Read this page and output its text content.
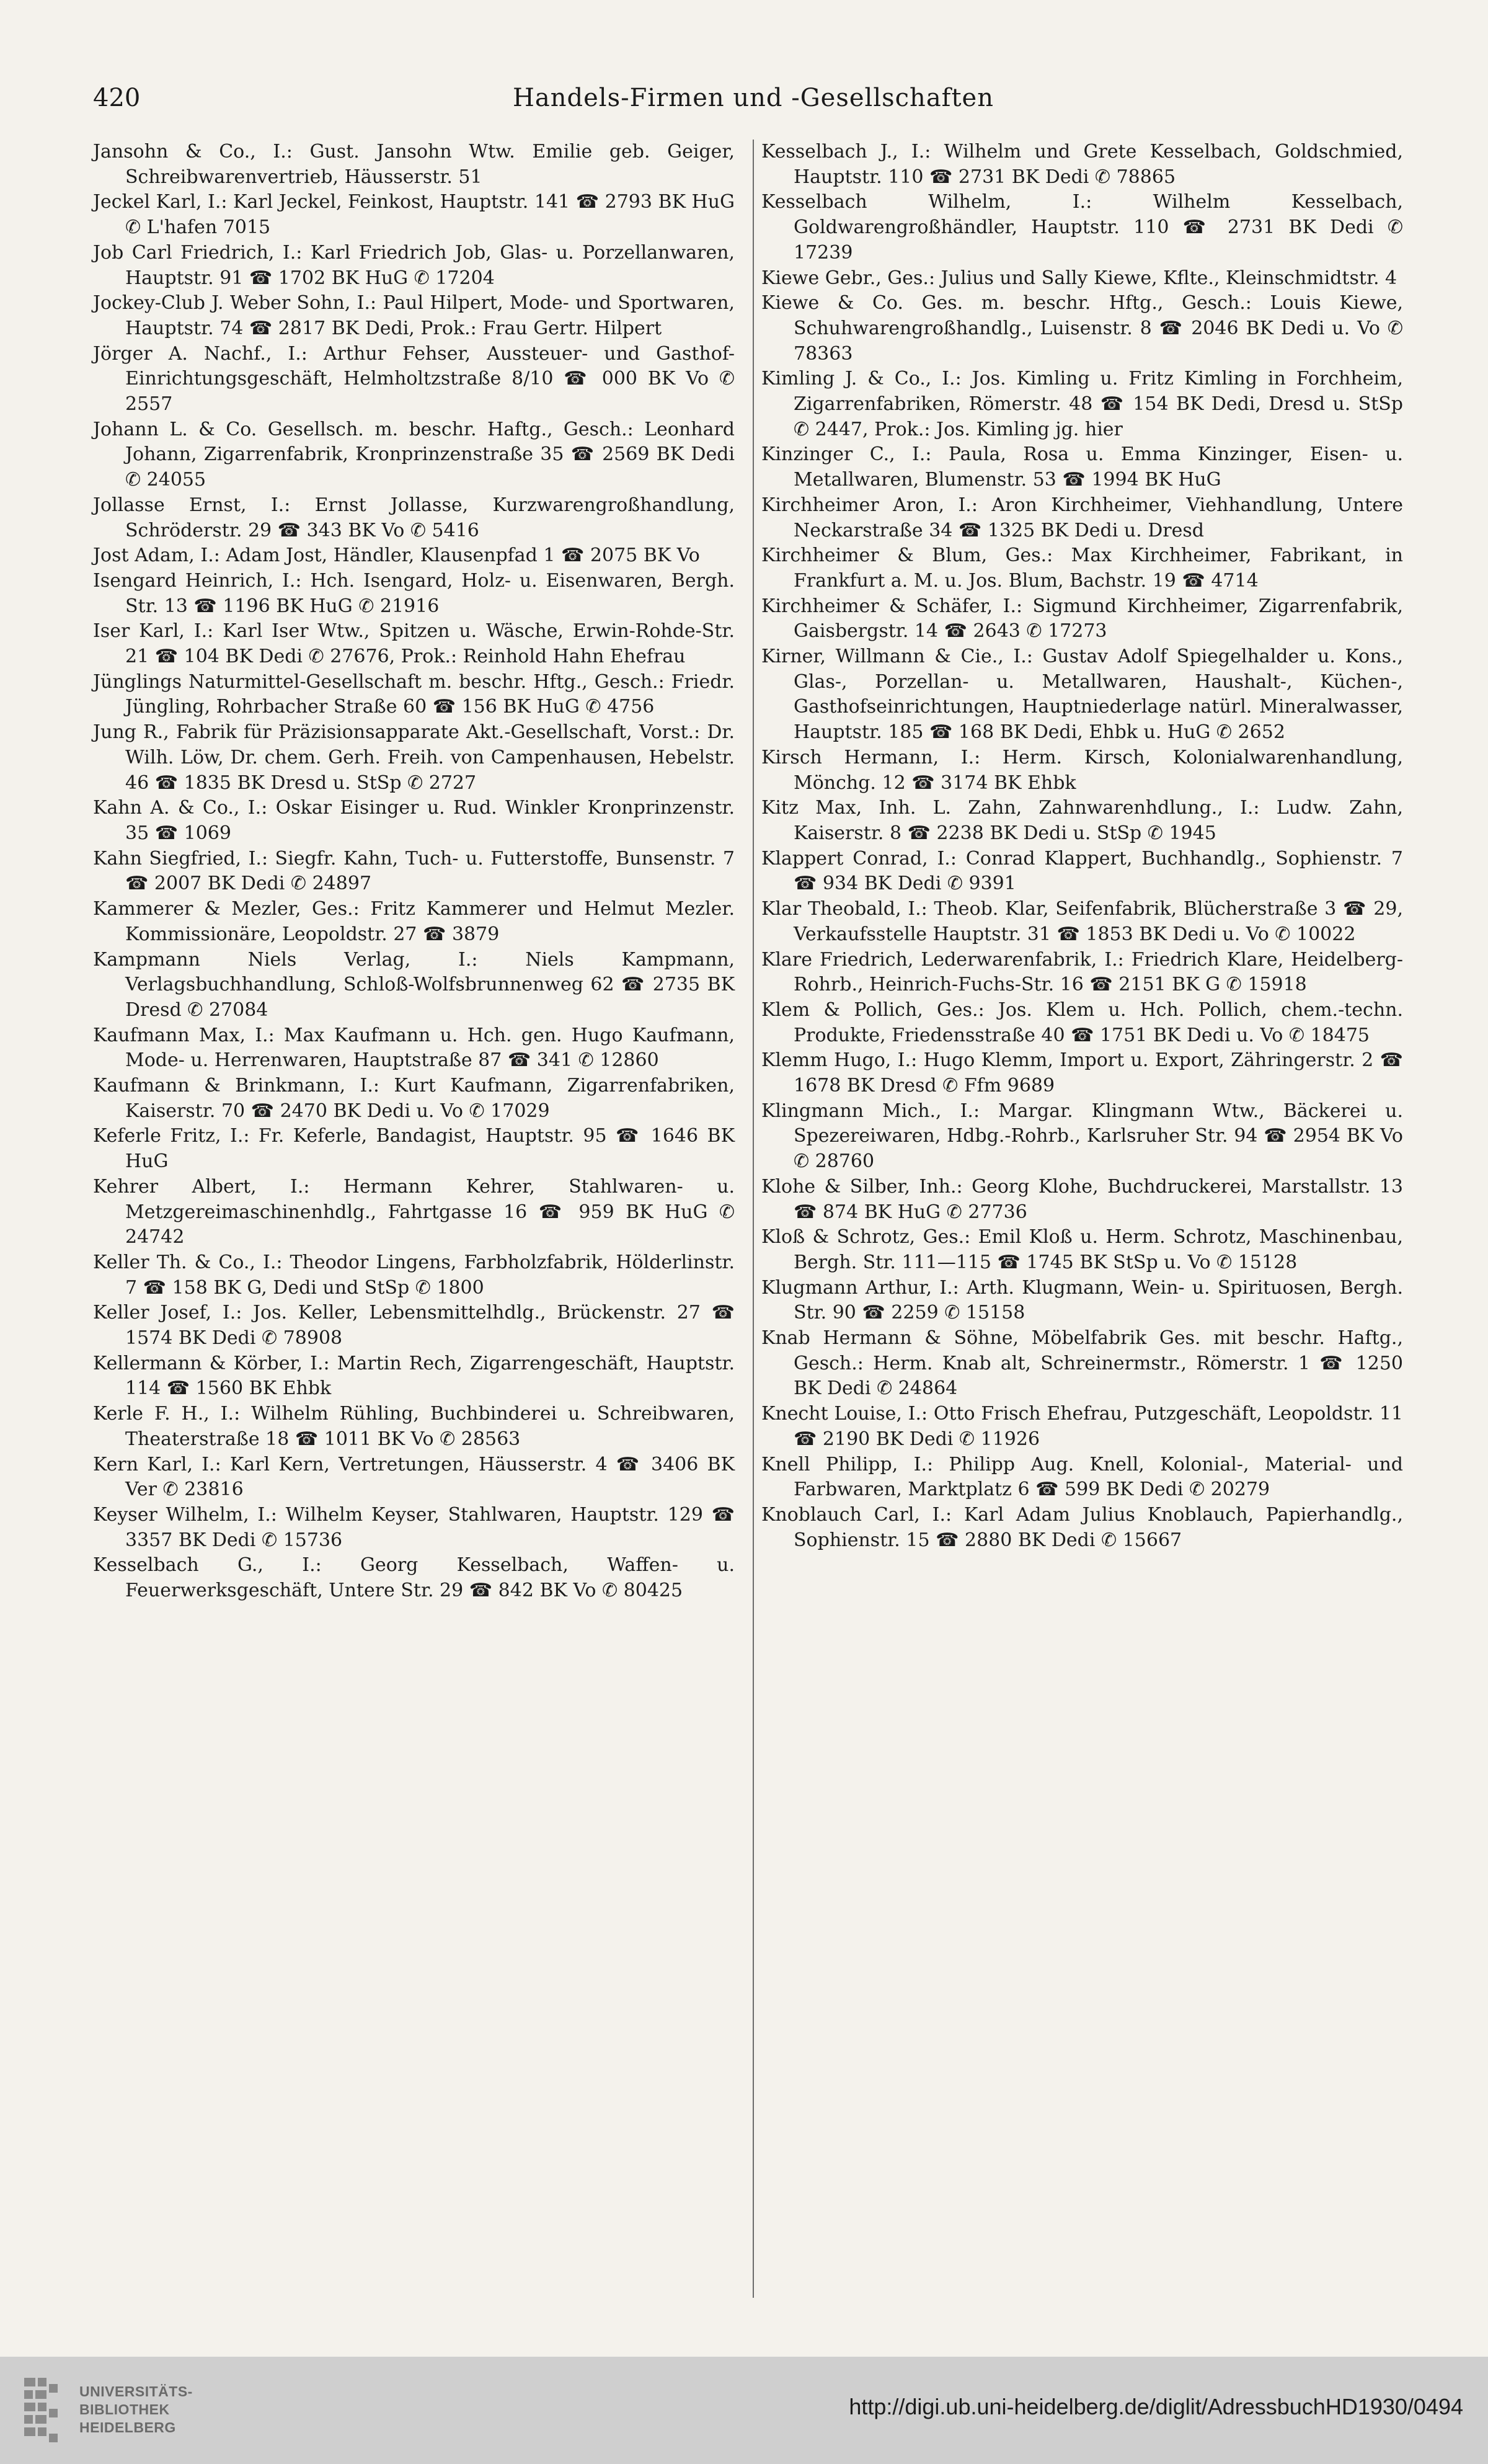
420	Handels-Firmen und -Gesellschaften

Jansohn & Co., I.: Gust. Jansohn Wtw. Emilie geb. Geiger, Schreibwarenvertrieb, Häusserstr. 51

Jeckel Karl, I.: Karl Jeckel, Feinkost, Hauptstr. 141 ☎ 2793 BK HuG ✆ L'hafen 7015

Job Carl Friedrich, I.: Karl Friedrich Job, Glas- u. Porzellanwaren, Hauptstr. 91 ☎ 1702 BK HuG ✆ 17204

Jockey-Club J. Weber Sohn, I.: Paul Hilpert, Mode- und Sportwaren, Hauptstr. 74 ☎ 2817 BK Dedi, Prok.: Frau Gertr. Hilpert

Jörger A. Nachf., I.: Arthur Fehser, Aussteuer- und Gasthof-Einrichtungsgeschäft, Helmholtzstraße 8/10 ☎ 000 BK Vo ✆ 2557

Johann L. & Co. Gesellsch. m. beschr. Haftg., Gesch.: Leonhard Johann, Zigarrenfabrik, Kronprinzenstraße 35 ☎ 2569 BK Dedi ✆ 24055

Jollasse Ernst, I.: Ernst Jollasse, Kurzwarengroßhandlung, Schröderstr. 29 ☎ 343 BK Vo ✆ 5416

Jost Adam, I.: Adam Jost, Händler, Klausenpfad 1 ☎ 2075 BK Vo

Isengard Heinrich, I.: Hch. Isengard, Holz- u. Eisenwaren, Bergh. Str. 13 ☎ 1196 BK HuG ✆ 21916

Iser Karl, I.: Karl Iser Wtw., Spitzen u. Wäsche, Erwin-Rohde-Str. 21 ☎ 104 BK Dedi ✆ 27676, Prok.: Reinhold Hahn Ehefrau

Jünglings Naturmittel-Gesellschaft m. beschr. Hftg., Gesch.: Friedr. Jüngling, Rohrbacher Straße 60 ☎ 156 BK HuG ✆ 4756

Jung R., Fabrik für Präzisionsapparate Akt.-Gesellschaft, Vorst.: Dr. Wilh. Löw, Dr. chem. Gerh. Freih. von Campenhausen, Hebelstr. 46 ☎ 1835 BK Dresd u. StSp ✆ 2727

Kahn A. & Co., I.: Oskar Eisinger u. Rud. Winkler Kronprinzenstr. 35 ☎ 1069

Kahn Siegfried, I.: Siegfr. Kahn, Tuch- u. Futterstoffe, Bunsenstr. 7 ☎ 2007 BK Dedi ✆ 24897

Kammerer & Mezler, Ges.: Fritz Kammerer und Helmut Mezler. Kommissionäre, Leopoldstr. 27 ☎ 3879

Kampmann Niels Verlag, I.: Niels Kampmann, Verlagsbuchhandlung, Schloß-Wolfsbrunnenweg 62 ☎ 2735 BK Dresd ✆ 27084

Kaufmann Max, I.: Max Kaufmann u. Hch. gen. Hugo Kaufmann, Mode- u. Herrenwaren, Hauptstraße 87 ☎ 341 ✆ 12860

Kaufmann & Brinkmann, I.: Kurt Kaufmann, Zigarrenfabriken, Kaiserstr. 70 ☎ 2470 BK Dedi u. Vo ✆ 17029

Keferle Fritz, I.: Fr. Keferle, Bandagist, Hauptstr. 95 ☎ 1646 BK HuG

Kehrer Albert, I.: Hermann Kehrer, Stahlwaren- u. Metzgereimaschinenhdlg., Fahrtgasse 16 ☎ 959 BK HuG ✆ 24742

Keller Th. & Co., I.: Theodor Lingens, Farbholzfabrik, Hölderlinstr. 7 ☎ 158 BK G, Dedi und StSp ✆ 1800

Keller Josef, I.: Jos. Keller, Lebensmittelhdlg., Brückenstr. 27 ☎ 1574 BK Dedi ✆ 78908

Kellermann & Körber, I.: Martin Rech, Zigarrengeschäft, Hauptstr. 114 ☎ 1560 BK Ehbk

Kerle F. H., I.: Wilhelm Rühling, Buchbinderei u. Schreibwaren, Theaterstraße 18 ☎ 1011 BK Vo ✆ 28563

Kern Karl, I.: Karl Kern, Vertretungen, Häusserstr. 4 ☎ 3406 BK Ver ✆ 23816

Keyser Wilhelm, I.: Wilhelm Keyser, Stahlwaren, Hauptstr. 129 ☎ 3357 BK Dedi ✆ 15736

Kesselbach G., I.: Georg Kesselbach, Waffen- u. Feuerwerksgeschäft, Untere Str. 29 ☎ 842 BK Vo ✆ 80425

Kesselbach J., I.: Wilhelm und Grete Kesselbach, Goldschmied, Hauptstr. 110 ☎ 2731 BK Dedi ✆ 78865

Kesselbach Wilhelm, I.: Wilhelm Kesselbach, Goldwarengroßhändler, Hauptstr. 110 ☎ 2731 BK Dedi ✆ 17239

Kiewe Gebr., Ges.: Julius und Sally Kiewe, Kflte., Kleinschmidtstr. 4

Kiewe & Co. Ges. m. beschr. Hftg., Gesch.: Louis Kiewe, Schuhwarengroßhandlg., Luisenstr. 8 ☎ 2046 BK Dedi u. Vo ✆ 78363

Kimling J. & Co., I.: Jos. Kimling u. Fritz Kimling in Forchheim, Zigarrenfabriken, Römerstr. 48 ☎ 154 BK Dedi, Dresd u. StSp ✆ 2447, Prok.: Jos. Kimling jg. hier

Kinzinger C., I.: Paula, Rosa u. Emma Kinzinger, Eisen- u. Metallwaren, Blumenstr. 53 ☎ 1994 BK HuG

Kirchheimer Aron, I.: Aron Kirchheimer, Viehhandlung, Untere Neckarstraße 34 ☎ 1325 BK Dedi u. Dresd

Kirchheimer & Blum, Ges.: Max Kirchheimer, Fabrikant, in Frankfurt a. M. u. Jos. Blum, Bachstr. 19 ☎ 4714

Kirchheimer & Schäfer, I.: Sigmund Kirchheimer, Zigarrenfabrik, Gaisbergstr. 14 ☎ 2643 ✆ 17273

Kirner, Willmann & Cie., I.: Gustav Adolf Spiegelhalder u. Kons., Glas-, Porzellan- u. Metallwaren, Haushalt-, Küchen-, Gasthofseinrichtungen, Hauptniederlage natürl. Mineralwasser, Hauptstr. 185 ☎ 168 BK Dedi, Ehbk u. HuG ✆ 2652

Kirsch Hermann, I.: Herm. Kirsch, Kolonialwarenhandlung, Mönchg. 12 ☎ 3174 BK Ehbk

Kitz Max, Inh. L. Zahn, Zahnwarenhdlung., I.: Ludw. Zahn, Kaiserstr. 8 ☎ 2238 BK Dedi u. StSp ✆ 1945

Klappert Conrad, I.: Conrad Klappert, Buchhandlg., Sophienstr. 7 ☎ 934 BK Dedi ✆ 9391

Klar Theobald, I.: Theob. Klar, Seifenfabrik, Blücherstraße 3 ☎ 29, Verkaufsstelle Hauptstr. 31 ☎ 1853 BK Dedi u. Vo ✆ 10022

Klare Friedrich, Lederwarenfabrik, I.: Friedrich Klare, Heidelberg-Rohrb., Heinrich-Fuchs-Str. 16 ☎ 2151 BK G ✆ 15918

Klem & Pollich, Ges.: Jos. Klem u. Hch. Pollich, chem.-techn. Produkte, Friedensstraße 40 ☎ 1751 BK Dedi u. Vo ✆ 18475

Klemm Hugo, I.: Hugo Klemm, Import u. Export, Zähringerstr. 2 ☎ 1678 BK Dresd ✆ Ffm 9689

Klingmann Mich., I.: Margar. Klingmann Wtw., Bäckerei u. Spezereiwaren, Hdbg.-Rohrb., Karlsruher Str. 94 ☎ 2954 BK Vo ✆ 28760

Klohe & Silber, Inh.: Georg Klohe, Buchdruckerei, Marstallstr. 13 ☎ 874 BK HuG ✆ 27736

Kloß & Schrotz, Ges.: Emil Kloß u. Herm. Schrotz, Maschinenbau, Bergh. Str. 111—115 ☎ 1745 BK StSp u. Vo ✆ 15128

Klugmann Arthur, I.: Arth. Klugmann, Wein- u. Spirituosen, Bergh. Str. 90 ☎ 2259 ✆ 15158

Knab Hermann & Söhne, Möbelfabrik Ges. mit beschr. Haftg., Gesch.: Herm. Knab alt, Schreinermstr., Römerstr. 1 ☎ 1250 BK Dedi ✆ 24864

Knecht Louise, I.: Otto Frisch Ehefrau, Putzgeschäft, Leopoldstr. 11 ☎ 2190 BK Dedi ✆ 11926

Knell Philipp, I.: Philipp Aug. Knell, Kolonial-, Material- und Farbwaren, Marktplatz 6 ☎ 599 BK Dedi ✆ 20279

Knoblauch Carl, I.: Karl Adam Julius Knoblauch, Papierhandlg., Sophienstr. 15 ☎ 2880 BK Dedi ✆ 15667

UNIVERSITÄTS-
BIBLIOTHEK
HEIDELBERG
http://digi.ub.uni-heidelberg.de/diglit/AdressbuchHD1930/0494
